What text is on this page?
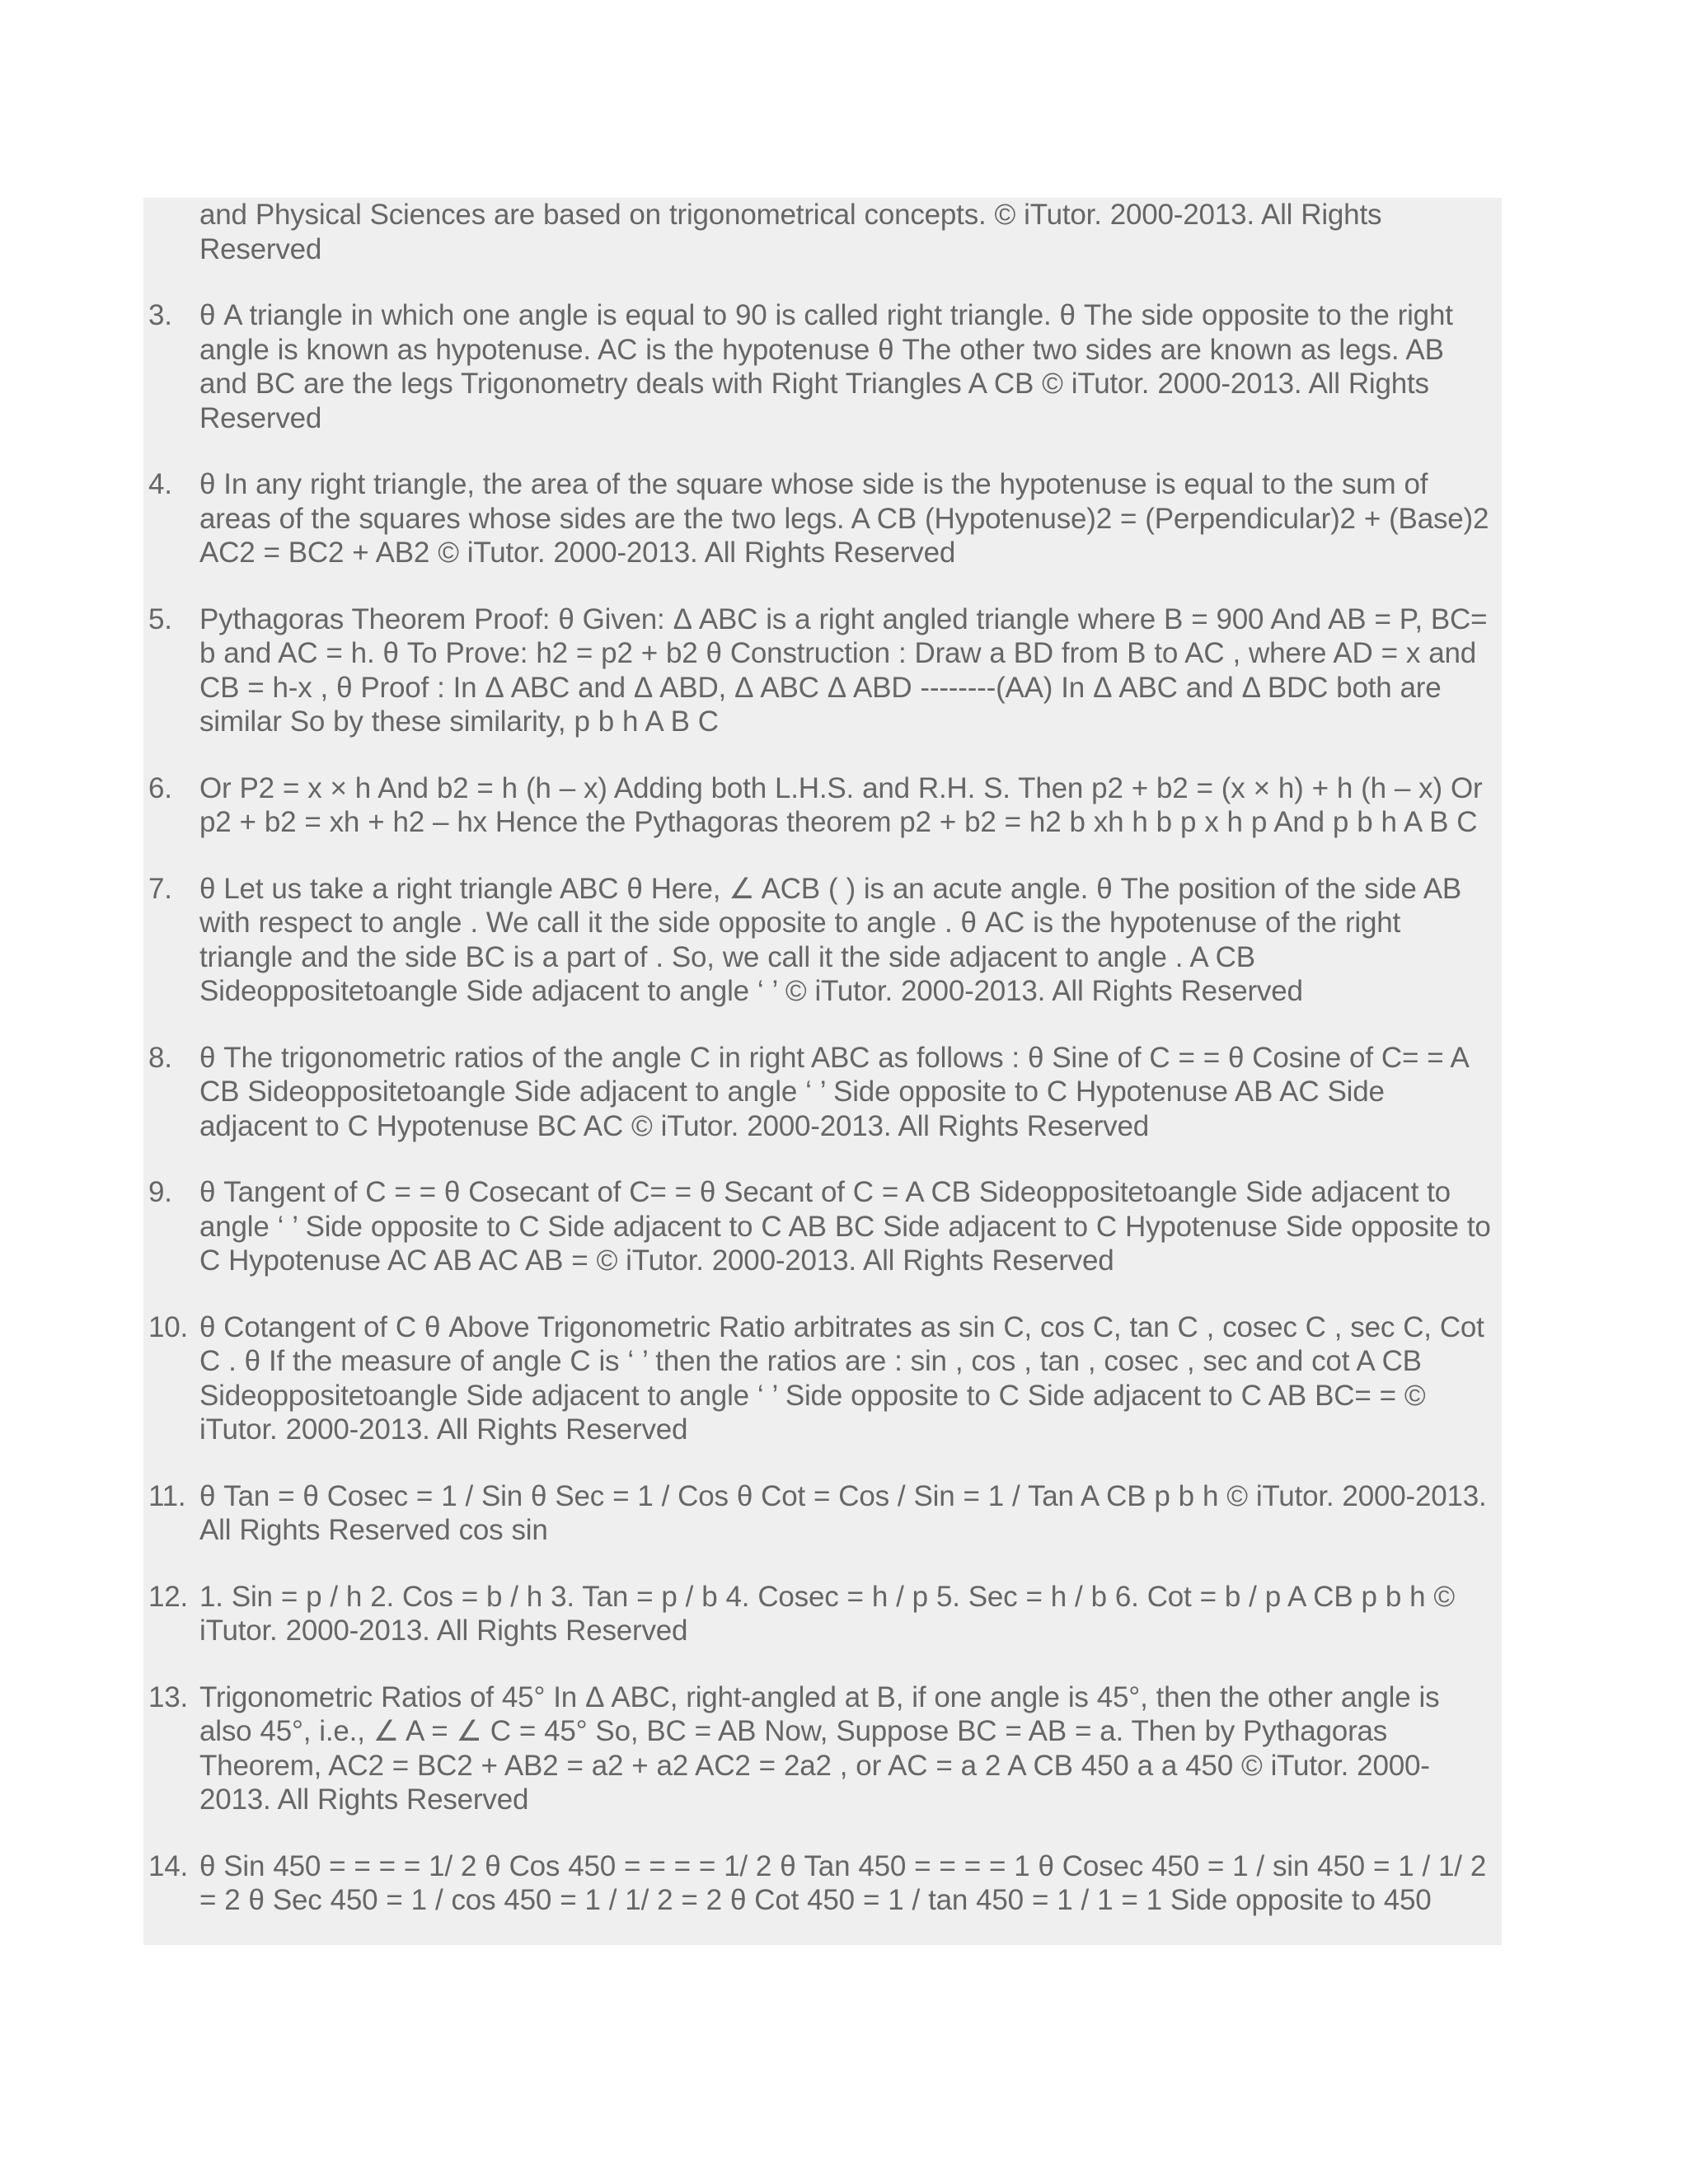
and Physical Sciences are based on trigonometrical concepts. © iTutor. 2000-2013. All Rights Reserved
3. θ A triangle in which one angle is equal to 90 is called right triangle. θ The side opposite to the right angle is known as hypotenuse. AC is the hypotenuse θ The other two sides are known as legs. AB and BC are the legs Trigonometry deals with Right Triangles A CB © iTutor. 2000-2013. All Rights Reserved
4. θ In any right triangle, the area of the square whose side is the hypotenuse is equal to the sum of areas of the squares whose sides are the two legs. A CB (Hypotenuse)2 = (Perpendicular)2 + (Base)2 AC2 = BC2 + AB2 © iTutor. 2000-2013. All Rights Reserved
5. Pythagoras Theorem Proof: θ Given: Δ ABC is a right angled triangle where B = 900 And AB = P, BC= b and AC = h. θ To Prove: h2 = p2 + b2 θ Construction : Draw a BD from B to AC , where AD = x and CB = h-x , θ Proof : In Δ ABC and Δ ABD, Δ ABC Δ ABD --------(AA) In Δ ABC and Δ BDC both are similar So by these similarity, p b h A B C
6. Or P2 = x × h And b2 = h (h – x) Adding both L.H.S. and R.H. S. Then p2 + b2 = (x × h) + h (h – x) Or p2 + b2 = xh + h2 – hx Hence the Pythagoras theorem p2 + b2 = h2 b xh h b p x h p And p b h A B C
7. θ Let us take a right triangle ABC θ Here, ∠ ACB ( ) is an acute angle. θ The position of the side AB with respect to angle . We call it the side opposite to angle . θ AC is the hypotenuse of the right triangle and the side BC is a part of . So, we call it the side adjacent to angle . A CB Sideoppositetoangle Side adjacent to angle ‘ ’ © iTutor. 2000-2013. All Rights Reserved
8. θ The trigonometric ratios of the angle C in right ABC as follows : θ Sine of C = = θ Cosine of C= = A CB Sideoppositetoangle Side adjacent to angle ‘ ’ Side opposite to C Hypotenuse AB AC Side adjacent to C Hypotenuse BC AC © iTutor. 2000-2013. All Rights Reserved
9. θ Tangent of C = = θ Cosecant of C= = θ Secant of C = A CB Sideoppositetoangle Side adjacent to angle ‘ ’ Side opposite to C Side adjacent to C AB BC Side adjacent to C Hypotenuse Side opposite to C Hypotenuse AC AB AC AB = © iTutor. 2000-2013. All Rights Reserved
10. θ Cotangent of C θ Above Trigonometric Ratio arbitrates as sin C, cos C, tan C , cosec C , sec C, Cot C . θ If the measure of angle C is ‘ ’ then the ratios are : sin , cos , tan , cosec , sec and cot A CB Sideoppositetoangle Side adjacent to angle ‘ ’ Side opposite to C Side adjacent to C AB BC= = © iTutor. 2000-2013. All Rights Reserved
11. θ Tan = θ Cosec = 1 / Sin θ Sec = 1 / Cos θ Cot = Cos / Sin = 1 / Tan A CB p b h © iTutor. 2000-2013. All Rights Reserved cos sin
12. 1. Sin = p / h 2. Cos = b / h 3. Tan = p / b 4. Cosec = h / p 5. Sec = h / b 6. Cot = b / p A CB p b h © iTutor. 2000-2013. All Rights Reserved
13. Trigonometric Ratios of 45° In Δ ABC, right-angled at B, if one angle is 45°, then the other angle is also 45°, i.e., ∠ A = ∠ C = 45° So, BC = AB Now, Suppose BC = AB = a. Then by Pythagoras Theorem, AC2 = BC2 + AB2 = a2 + a2 AC2 = 2a2 , or AC = a 2 A CB 450 a a 450 © iTutor. 2000-2013. All Rights Reserved
14. θ Sin 450 = = = = 1/ 2 θ Cos 450 = = = = 1/ 2 θ Tan 450 = = = = 1 θ Cosec 450 = 1 / sin 450 = 1 / 1/ 2 = 2 θ Sec 450 = 1 / cos 450 = 1 / 1/ 2 = 2 θ Cot 450 = 1 / tan 450 = 1 / 1 = 1 Side opposite to 450
